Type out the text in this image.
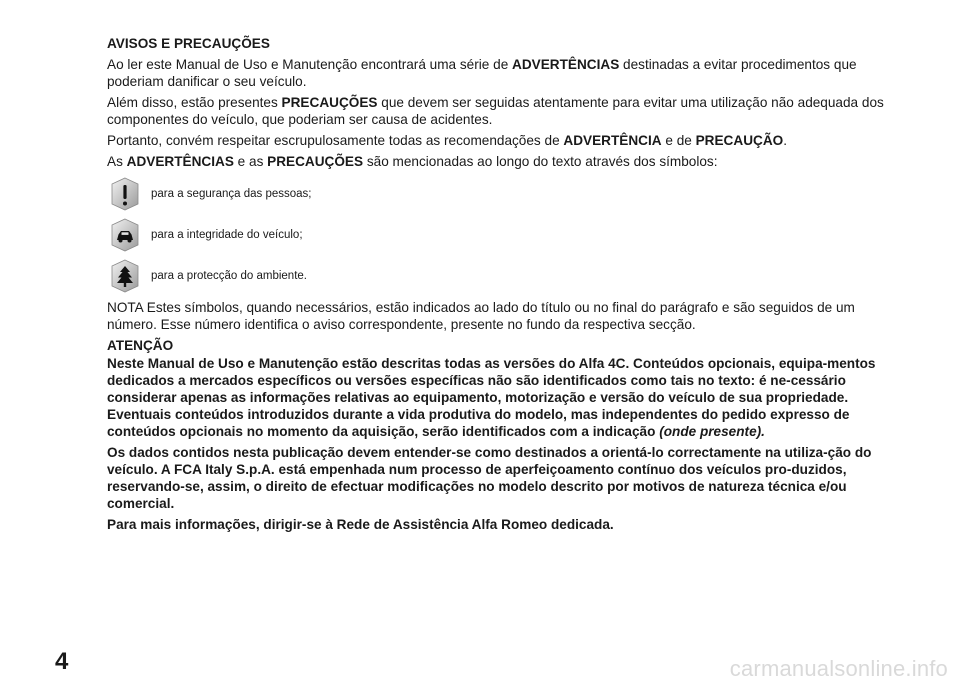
AVISOS E PRECAUÇÕES

Ao ler este Manual de Uso e Manutenção encontrará uma série de ADVERTÊNCIAS destinadas a evitar procedimentos que poderiam danificar o seu veículo.

Além disso, estão presentes PRECAUÇÕES que devem ser seguidas atentamente para evitar uma utilização não adequada dos componentes do veículo, que poderiam ser causa de acidentes.

Portanto, convém respeitar escrupulosamente todas as recomendações de ADVERTÊNCIA e de PRECAUÇÃO.

As ADVERTÊNCIAS e as PRECAUÇÕES são mencionadas ao longo do texto através dos símbolos:

para a segurança das pessoas;
para a integridade do veículo;
para a protecção do ambiente.

NOTA Estes símbolos, quando necessários, estão indicados ao lado do título ou no final do parágrafo e são seguidos de um número. Esse número identifica o aviso correspondente, presente no fundo da respectiva secção.

ATENÇÃO

Neste Manual de Uso e Manutenção estão descritas todas as versões do Alfa 4C. Conteúdos opcionais, equipa-mentos dedicados a mercados específicos ou versões específicas não são identificados como tais no texto: é ne-cessário considerar apenas as informações relativas ao equipamento, motorização e versão do veículo de sua propriedade. Eventuais conteúdos introduzidos durante a vida produtiva do modelo, mas independentes do pedido expresso de conteúdos opcionais no momento da aquisição, serão identificados com a indicação (onde presente).

Os dados contidos nesta publicação devem entender-se como destinados a orientá-lo correctamente na utiliza-ção do veículo. A FCA Italy S.p.A. está empenhada num processo de aperfeiçoamento contínuo dos veículos pro-duzidos, reservando-se, assim, o direito de efectuar modificações no modelo descrito por motivos de natureza técnica e/ou comercial.

Para mais informações, dirigir-se à Rede de Assistência Alfa Romeo dedicada.

4	carmanualsonline.info
